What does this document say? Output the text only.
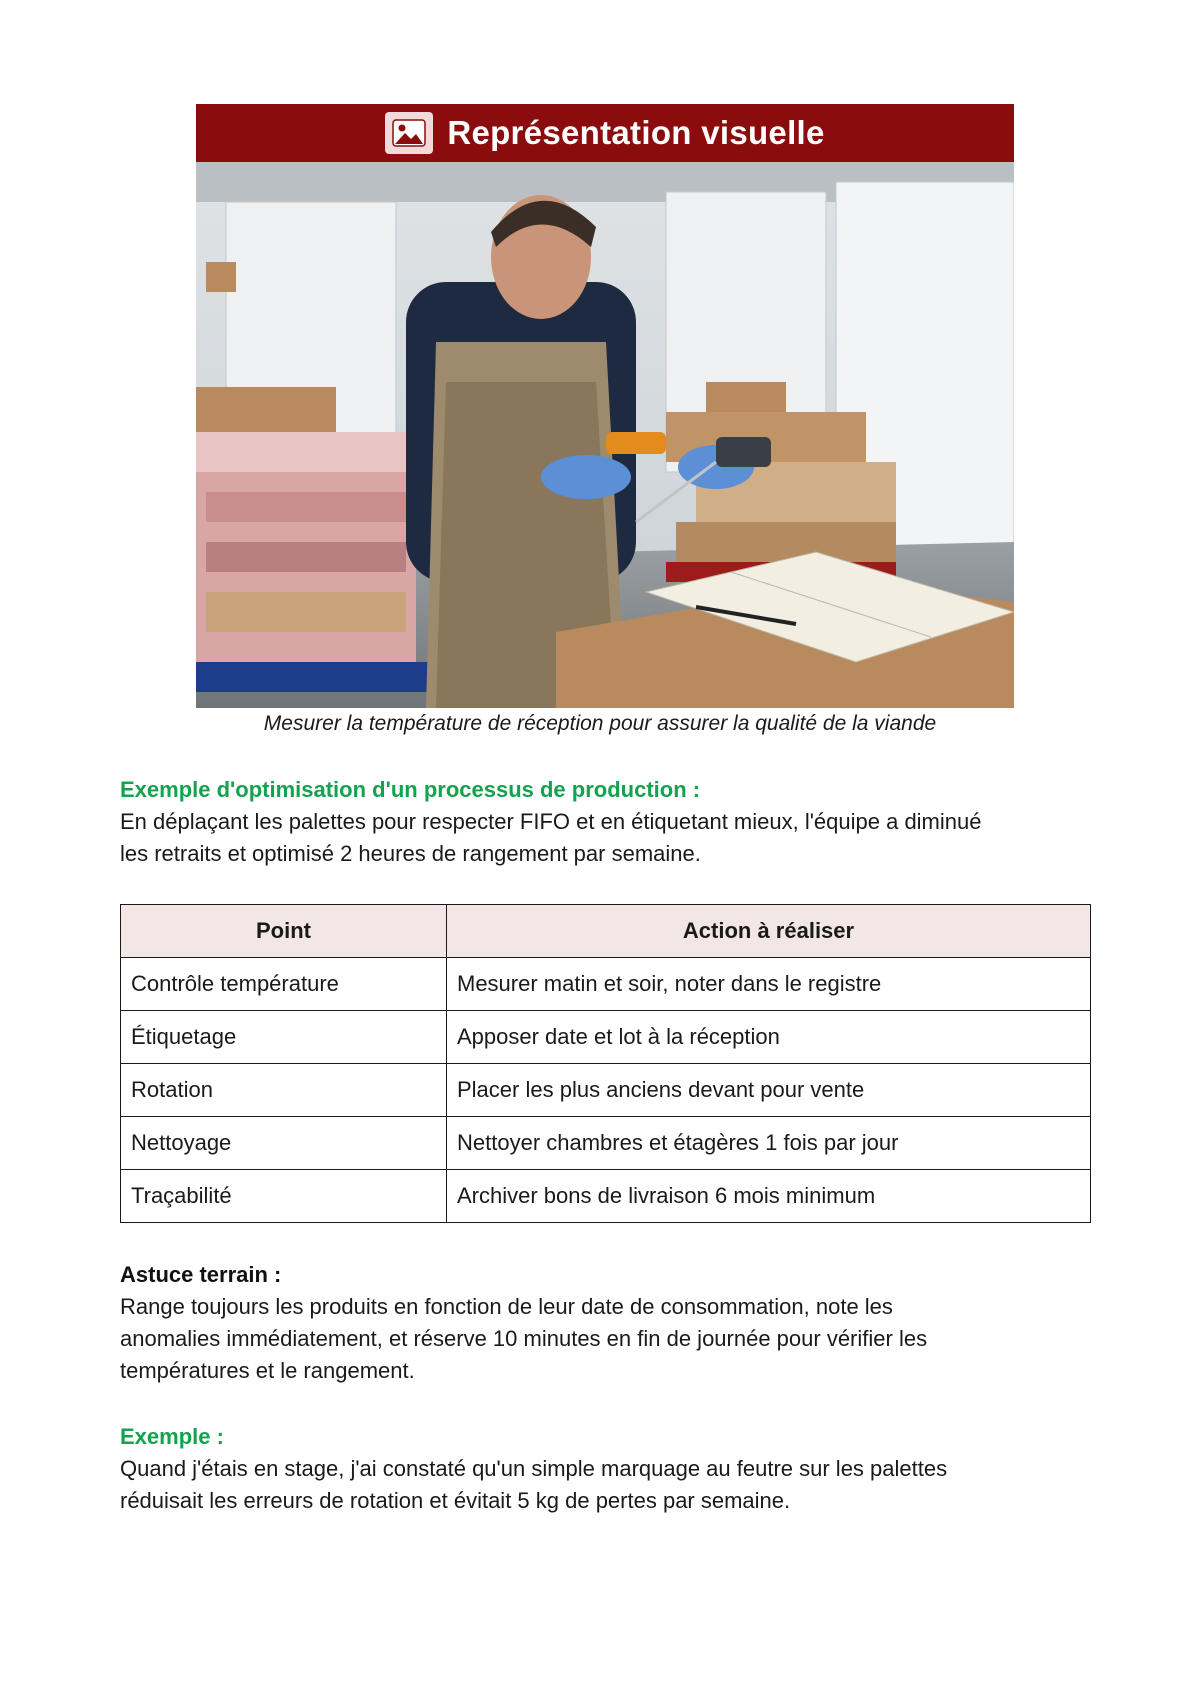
Représentation visuelle
Mesurer la température de réception pour assurer la qualité de la viande
Exemple d'optimisation d'un processus de production :

En déplaçant les palettes pour respecter FIFO et en étiquetant mieux, l'équipe a diminué

les retraits et optimisé 2 heures de rangement par semaine.

Point	Action à réaliser
Contrôle température	Mesurer matin et soir, noter dans le registre
Étiquetage	Apposer date et lot à la réception
Rotation	Placer les plus anciens devant pour vente
Nettoyage	Nettoyer chambres et étagères 1 fois par jour
Traçabilité	Archiver bons de livraison 6 mois minimum
Astuce terrain :

Range toujours les produits en fonction de leur date de consommation, note les

anomalies immédiatement, et réserve 10 minutes en fin de journée pour vérifier les

températures et le rangement.

Exemple :

Quand j'étais en stage, j'ai constaté qu'un simple marquage au feutre sur les palettes

réduisait les erreurs de rotation et évitait 5 kg de pertes par semaine.
